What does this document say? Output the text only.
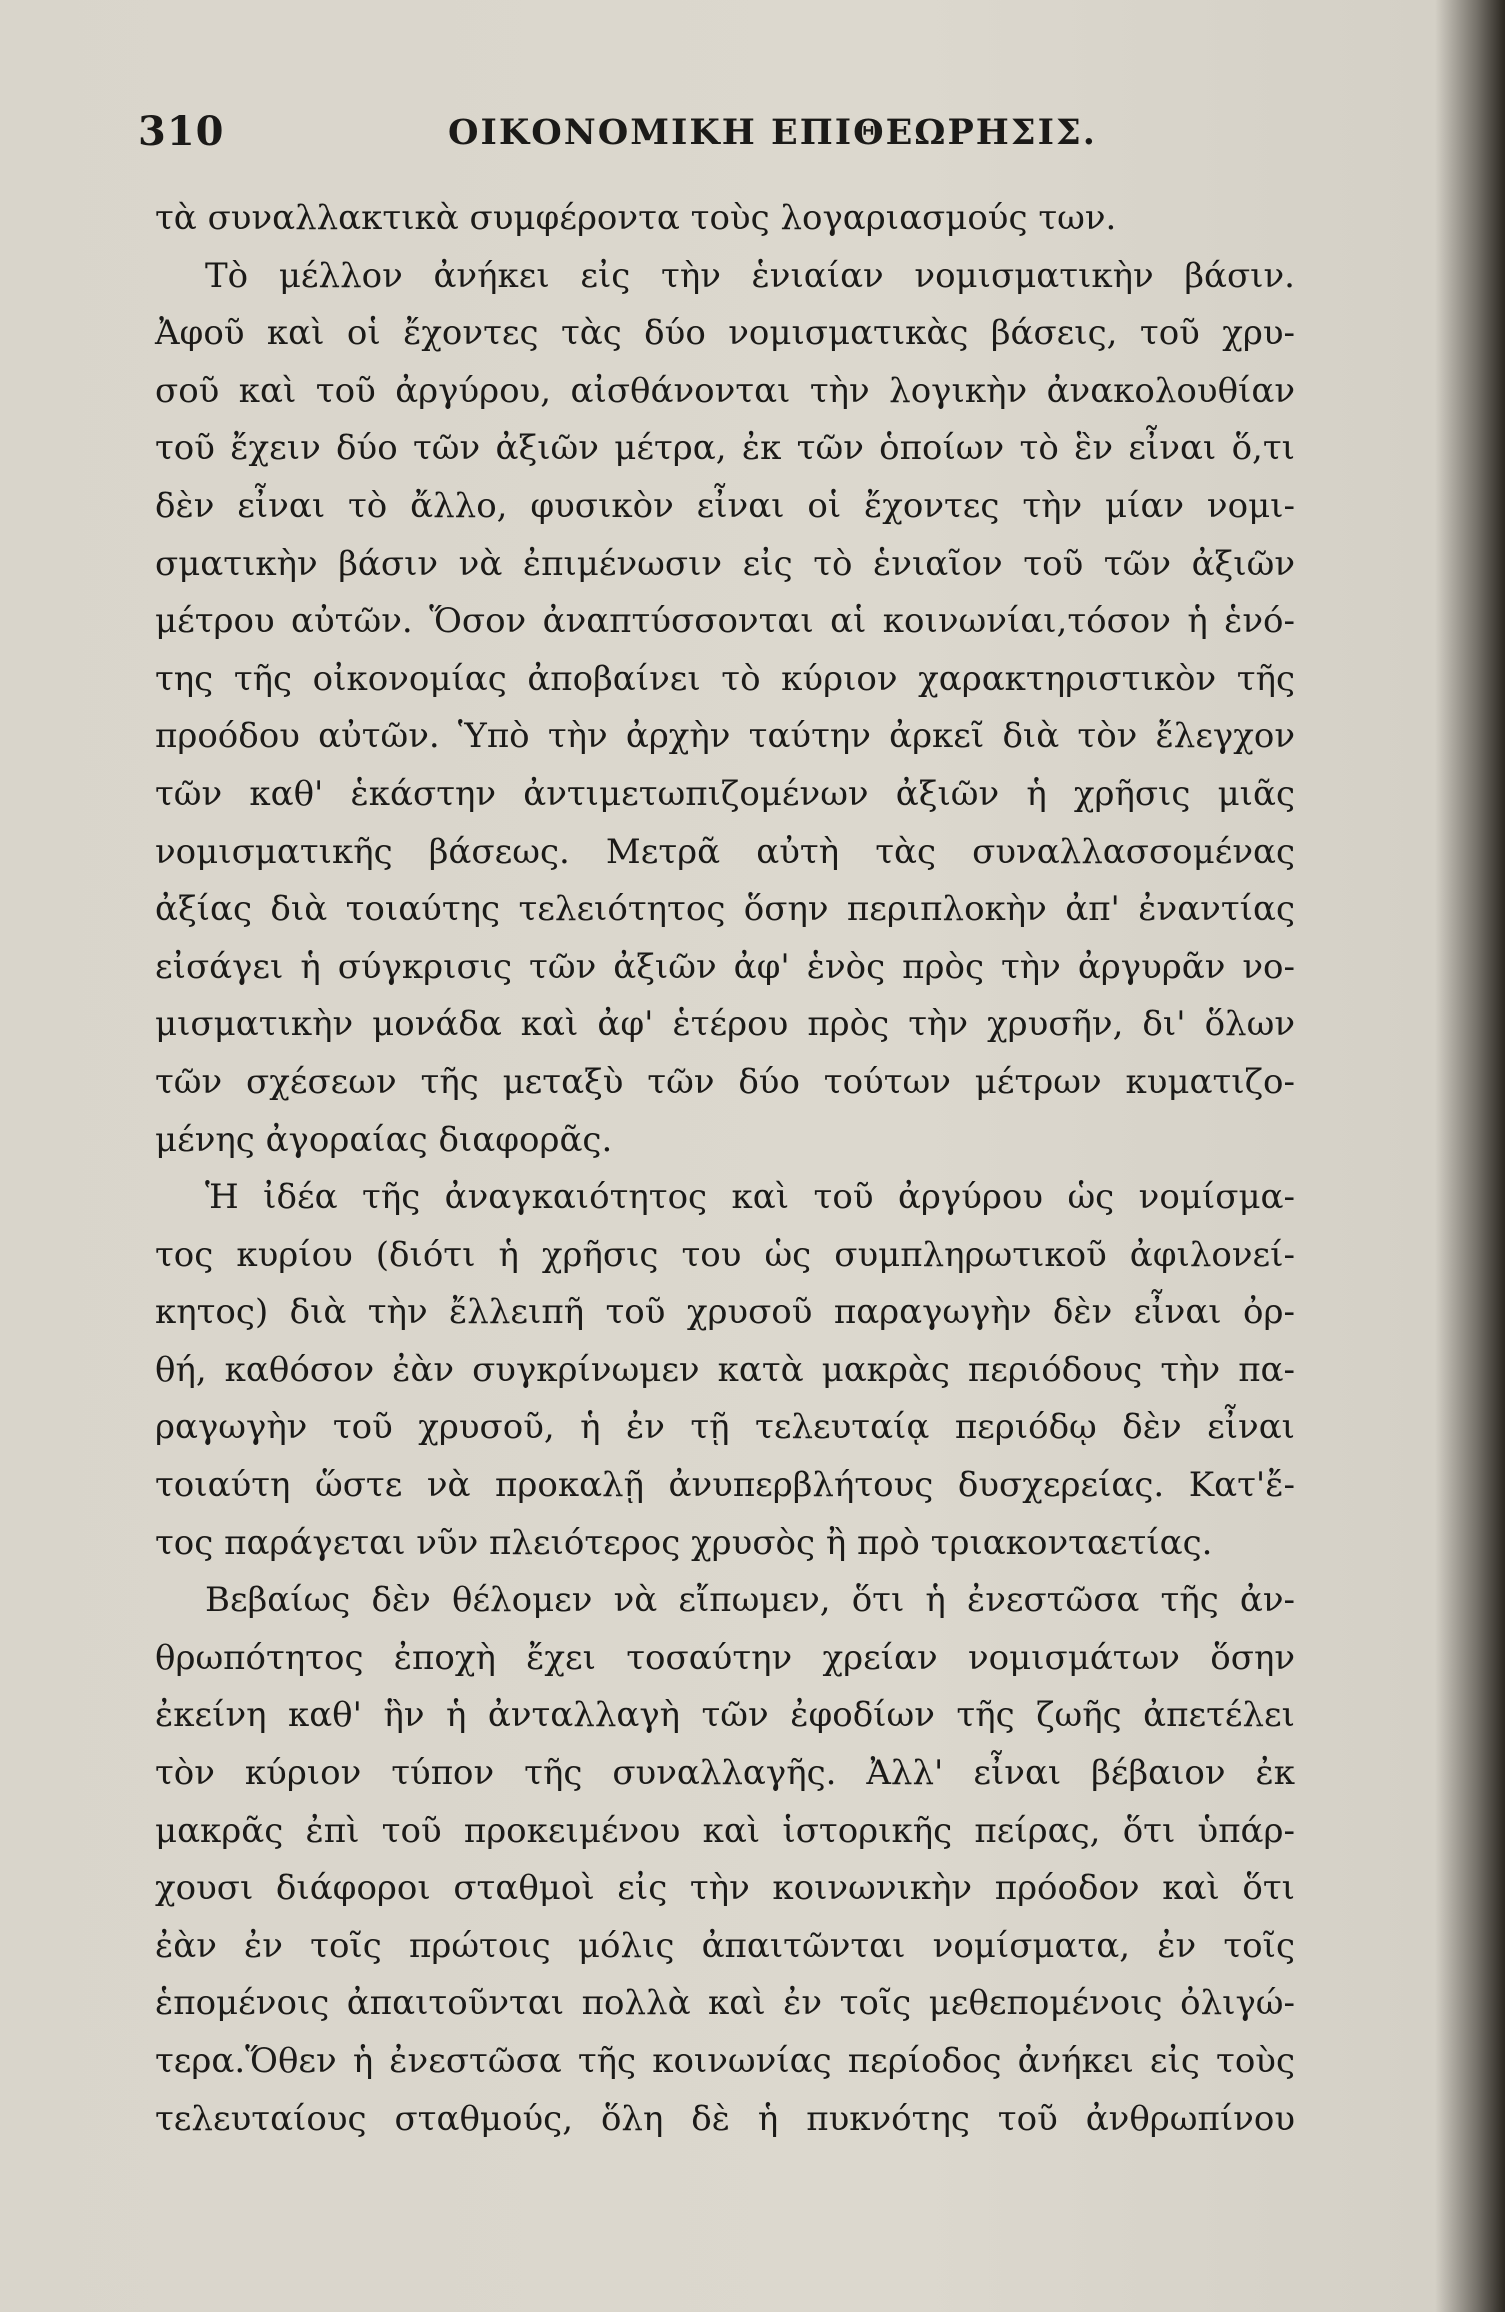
310	ΟΙΚΟΝΟΜΙΚΗ ΕΠΙΘΕΩΡΗΣΙΣ.
τὰ συναλλακτικὰ συμφέροντα τοὺς λογαριασμούς των.
Τὸ μέλλον ἀνήκει εἰς τὴν ἑνιαίαν νομισματικὴν βάσιν.
Ἀφοῦ καὶ οἱ ἔχοντες τὰς δύο νομισματικὰς βάσεις, τοῦ χρυ-
σοῦ καὶ τοῦ ἀργύρου, αἰσθάνονται τὴν λογικὴν ἀνακολουθίαν
τοῦ ἔχειν δύο τῶν ἀξιῶν μέτρα, ἐκ τῶν ὁποίων τὸ ἓν εἶναι ὅ,τι
δὲν εἶναι τὸ ἄλλο, φυσικὸν εἶναι οἱ ἔχοντες τὴν μίαν νομι-
σματικὴν βάσιν νὰ ἐπιμένωσιν εἰς τὸ ἑνιαῖον τοῦ τῶν ἀξιῶν
μέτρου αὐτῶν. Ὅσον ἀναπτύσσονται αἱ κοινωνίαι,τόσον ἡ ἑνό-
της τῆς οἰκονομίας ἀποβαίνει τὸ κύριον χαρακτηριστικὸν τῆς
προόδου αὐτῶν. Ὑπὸ τὴν ἀρχὴν ταύτην ἀρκεῖ διὰ τὸν ἔλεγχον
τῶν καθ' ἑκάστην ἀντιμετωπιζομένων ἀξιῶν ἡ χρῆσις μιᾶς
νομισματικῆς βάσεως. Μετρᾶ αὐτὴ τὰς συναλλασσομένας
ἀξίας διὰ τοιαύτης τελειότητος ὅσην περιπλοκὴν ἀπ' ἐναντίας
εἰσάγει ἡ σύγκρισις τῶν ἀξιῶν ἀφ' ἑνὸς πρὸς τὴν ἀργυρᾶν νο-
μισματικὴν μονάδα καὶ ἀφ' ἑτέρου πρὸς τὴν χρυσῆν, δι' ὅλων
τῶν σχέσεων τῆς μεταξὺ τῶν δύο τούτων μέτρων κυματιζο-
μένης ἀγοραίας διαφορᾶς.
Ἡ ἰδέα τῆς ἀναγκαιότητος καὶ τοῦ ἀργύρου ὡς νομίσμα-
τος κυρίου (διότι ἡ χρῆσις του ὡς συμπληρωτικοῦ ἀφιλονεί-
κητος) διὰ τὴν ἔλλειπῆ τοῦ χρυσοῦ παραγωγὴν δὲν εἶναι ὀρ-
θή, καθόσον ἐὰν συγκρίνωμεν κατὰ μακρὰς περιόδους τὴν πα-
ραγωγὴν τοῦ χρυσοῦ, ἡ ἐν τῇ τελευταίᾳ περιόδῳ δὲν εἶναι
τοιαύτη ὥστε νὰ προκαλῇ ἀνυπερβλήτους δυσχερείας. Κατ'ἔ-
τος παράγεται νῦν πλειότερος χρυσὸς ἢ πρὸ τριακονταετίας.
Βεβαίως δὲν θέλομεν νὰ εἴπωμεν, ὅτι ἡ ἐνεστῶσα τῆς ἀν-
θρωπότητος ἐποχὴ ἔχει τοσαύτην χρείαν νομισμάτων ὅσην
ἐκείνη καθ' ἣν ἡ ἀνταλλαγὴ τῶν ἐφοδίων τῆς ζωῆς ἀπετέλει
τὸν κύριον τύπον τῆς συναλλαγῆς. Ἀλλ' εἶναι βέβαιον ἐκ
μακρᾶς ἐπὶ τοῦ προκειμένου καὶ ἱστορικῆς πείρας, ὅτι ὑπάρ-
χουσι διάφοροι σταθμοὶ εἰς τὴν κοινωνικὴν πρόοδον καὶ ὅτι
ἐὰν ἐν τοῖς πρώτοις μόλις ἀπαιτῶνται νομίσματα, ἐν τοῖς
ἑπομένοις ἀπαιτοῦνται πολλὰ καὶ ἐν τοῖς μεθεπομένοις ὀλιγώ-
τερα.Ὅθεν ἡ ἐνεστῶσα τῆς κοινωνίας περίοδος ἀνήκει εἰς τοὺς
τελευταίους σταθμούς, ὅλη δὲ ἡ πυκνότης τοῦ ἀνθρωπίνου
